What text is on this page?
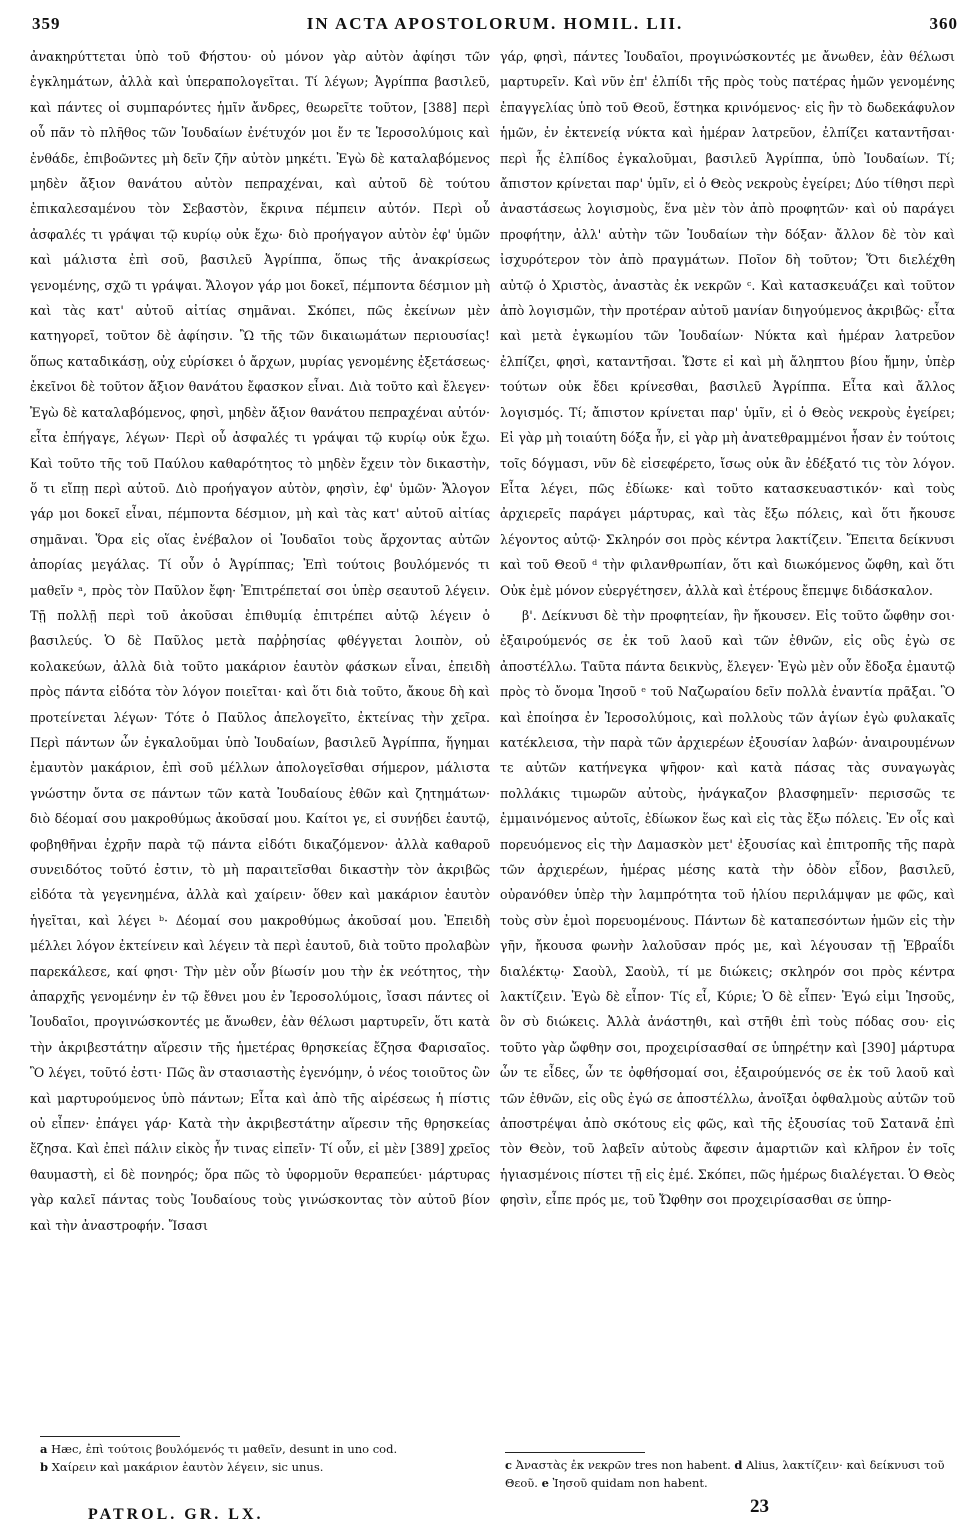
359	IN ACTA APOSTOLORUM. HOMIL. LII.	360

ἀνακηρύττεται ὑπὸ τοῦ Φήστου· οὐ μόνον γὰρ αὐτὸν ἀφίησι τῶν ἐγκλημάτων, ἀλλὰ καὶ ὑπεραπολογεῖται. Τί λέγων; Ἀγρίππα βασιλεῦ, καὶ πάντες οἱ συμπαρόντες ἡμῖν ἄνδρες, θεωρεῖτε τοῦτον, [388] περὶ οὗ πᾶν τὸ πλῆθος τῶν Ἰουδαίων ἐνέτυχόν μοι ἔν τε Ἱεροσολύμοις καὶ ἐνθάδε, ἐπιβοῶντες μὴ δεῖν ζῆν αὐτὸν μηκέτι. Ἐγὼ δὲ καταλαβόμενος μηδὲν ἄξιον θανάτου αὐτὸν πεπραχέναι, καὶ αὐτοῦ δὲ τούτου ἐπικαλεσαμένου τὸν Σεβαστὸν, ἔκρινα πέμπειν αὐτόν. Περὶ οὗ ἀσφαλές τι γράψαι τῷ κυρίῳ οὐκ ἔχω· διὸ προήγαγον αὐτὸν ἐφ' ὑμῶν καὶ μάλιστα ἐπὶ σοῦ, βασιλεῦ Ἀγρίππα, ὅπως τῆς ἀνακρίσεως γενομένης, σχῶ τι γράψαι. Ἄλογον γάρ μοι δοκεῖ, πέμποντα δέσμιον μὴ καὶ τὰς κατ' αὐτοῦ αἰτίας σημᾶναι. Σκόπει, πῶς ἐκείνων μὲν κατηγορεῖ, τοῦτον δὲ ἀφίησιν. Ὢ τῆς τῶν δικαιωμάτων περιουσίας! ὅπως καταδικάσῃ, οὐχ εὑρίσκει ὁ ἄρχων, μυρίας γενομένης ἐξετάσεως· ἐκεῖνοι δὲ τοῦτον ἄξιον θανάτου ἔφασκον εἶναι. Διὰ τοῦτο καὶ ἔλεγεν· Ἐγὼ δὲ καταλαβόμενος, φησὶ, μηδὲν ἄξιον θανάτου πεπραχέναι αὐτόν· εἶτα ἐπήγαγε, λέγων· Περὶ οὗ ἀσφαλές τι γράψαι τῷ κυρίῳ οὐκ ἔχω. Καὶ τοῦτο τῆς τοῦ Παύλου καθαρότητος τὸ μηδὲν ἔχειν τὸν δικαστὴν, ὅ τι εἴπῃ περὶ αὐτοῦ. Διὸ προήγαγον αὐτὸν, φησὶν, ἐφ' ὑμῶν· Ἄλογον γάρ μοι δοκεῖ εἶναι, πέμποντα δέσμιον, μὴ καὶ τὰς κατ' αὐτοῦ αἰτίας σημᾶναι. Ὅρα εἰς οἵας ἐνέβαλον οἱ Ἰουδαῖοι τοὺς ἄρχοντας αὐτῶν ἀπορίας μεγάλας. Τί οὖν ὁ Ἀγρίππας; Ἐπὶ τούτοις βουλόμενός τι μαθεῖν ᵃ, πρὸς τὸν Παῦλον ἔφη· Ἐπιτρέπεταί σοι ὑπὲρ σεαυτοῦ λέγειν. Τῇ πολλῇ περὶ τοῦ ἀκοῦσαι ἐπιθυμίᾳ ἐπιτρέπει αὐτῷ λέγειν ὁ βασιλεύς. Ὁ δὲ Παῦλος μετὰ παῤῥησίας φθέγγεται λοιπὸν, οὐ κολακεύων, ἀλλὰ διὰ τοῦτο μακάριον ἑαυτὸν φάσκων εἶναι, ἐπειδὴ πρὸς πάντα εἰδότα τὸν λόγον ποιεῖται· καὶ ὅτι διὰ τοῦτο, ἄκουε δὴ καὶ προτείνεται λέγων· Τότε ὁ Παῦλος ἀπελογεῖτο, ἐκτείνας τὴν χεῖρα. Περὶ πάντων ὧν ἐγκαλοῦμαι ὑπὸ Ἰουδαίων, βασιλεῦ Ἀγρίππα, ἥγημαι ἐμαυτὸν μακάριον, ἐπὶ σοῦ μέλλων ἀπολογεῖσθαι σήμερον, μάλιστα γνώστην ὄντα σε πάντων τῶν κατὰ Ἰουδαίους ἐθῶν καὶ ζητημάτων· διὸ δέομαί σου μακροθύμως ἀκοῦσαί μου. Καίτοι γε, εἰ συνῄδει ἑαυτῷ, φοβηθῆναι ἐχρῆν παρὰ τῷ πάντα εἰδότι δικαζόμενον· ἀλλὰ καθαροῦ συνειδότος τοῦτό ἐστιν, τὸ μὴ παραιτεῖσθαι δικαστὴν τὸν ἀκριβῶς εἰδότα τὰ γεγενημένα, ἀλλὰ καὶ χαίρειν· ὅθεν καὶ μακάριον ἑαυτὸν ἡγεῖται, καὶ λέγει ᵇ· Δέομαί σου μακροθύμως ἀκοῦσαί μου. Ἐπειδὴ μέλλει λόγον ἐκτείνειν καὶ λέγειν τὰ περὶ ἑαυτοῦ, διὰ τοῦτο προλαβὼν παρεκάλεσε, καί φησι· Τὴν μὲν οὖν βίωσίν μου τὴν ἐκ νεότητος, τὴν ἀπαρχῆς γενομένην ἐν τῷ ἔθνει μου ἐν Ἱεροσολύμοις, ἴσασι πάντες οἱ Ἰουδαῖοι, προγινώσκοντές με ἄνωθεν, ἐὰν θέλωσι μαρτυρεῖν, ὅτι κατὰ τὴν ἀκριβεστάτην αἵρεσιν τῆς ἡμετέρας θρησκείας ἔζησα Φαρισαῖος. Ὃ λέγει, τοῦτό ἐστι· Πῶς ἂν στασιαστὴς ἐγενόμην, ὁ νέος τοιοῦτος ὢν καὶ μαρτυρούμενος ὑπὸ πάντων; Εἶτα καὶ ἀπὸ τῆς αἱρέσεως ἡ πίστις οὐ εἶπεν· ἐπάγει γάρ· Κατὰ τὴν ἀκριβεστάτην αἵρεσιν τῆς θρησκείας ἔζησα. Καὶ ἐπεὶ πάλιν εἰκὸς ἦν τινας εἰπεῖν· Τί οὖν, εἰ μὲν [389] χρεῖος θαυμαστὴ, εἰ δὲ πονηρός; ὅρα πῶς τὸ ὑφορμοῦν θεραπεύει· μάρτυρας γὰρ καλεῖ πάντας τοὺς Ἰουδαίους τοὺς γινώσκοντας τὸν αὐτοῦ βίον καὶ τὴν ἀναστροφήν. Ἴσασι

γάρ, φησὶ, πάντες Ἰουδαῖοι, προγινώσκοντές με ἄνωθεν, ἐὰν θέλωσι μαρτυρεῖν. Καὶ νῦν ἐπ' ἐλπίδι τῆς πρὸς τοὺς πατέρας ἡμῶν γενομένης ἐπαγγελίας ὑπὸ τοῦ Θεοῦ, ἕστηκα κρινόμενος· εἰς ἣν τὸ δωδεκάφυλον ἡμῶν, ἐν ἐκτενείᾳ νύκτα καὶ ἡμέραν λατρεῦον, ἐλπίζει καταντῆσαι· περὶ ἧς ἐλπίδος ἐγκαλοῦμαι, βασιλεῦ Ἀγρίππα, ὑπὸ Ἰουδαίων. Τί; ἄπιστον κρίνεται παρ' ὑμῖν, εἰ ὁ Θεὸς νεκροὺς ἐγείρει; Δύο τίθησι περὶ ἀναστάσεως λογισμοὺς, ἕνα μὲν τὸν ἀπὸ προφητῶν· καὶ οὐ παράγει προφήτην, ἀλλ' αὐτὴν τῶν Ἰουδαίων τὴν δόξαν· ἄλλον δὲ τὸν καὶ ἰσχυρότερον τὸν ἀπὸ πραγμάτων. Ποῖον δὴ τοῦτον; Ὅτι διελέχθη αὐτῷ ὁ Χριστὸς, ἀναστὰς ἐκ νεκρῶν ᶜ. Καὶ κατασκευάζει καὶ τοῦτον ἀπὸ λογισμῶν, τὴν προτέραν αὐτοῦ μανίαν διηγούμενος ἀκριβῶς· εἶτα καὶ μετὰ ἐγκωμίου τῶν Ἰουδαίων· Νύκτα καὶ ἡμέραν λατρεῦον ἐλπίζει, φησὶ, καταντῆσαι. Ὥστε εἰ καὶ μὴ ἄληπτου βίου ἤμην, ὑπὲρ τούτων οὐκ ἔδει κρίνεσθαι, βασιλεῦ Ἀγρίππα. Εἶτα καὶ ἄλλος λογισμός. Τί; ἄπιστον κρίνεται παρ' ὑμῖν, εἰ ὁ Θεὸς νεκροὺς ἐγείρει; Εἰ γὰρ μὴ τοιαύτη δόξα ἦν, εἰ γὰρ μὴ ἀνατεθραμμένοι ἦσαν ἐν τούτοις τοῖς δόγμασι, νῦν δὲ εἰσεφέρετο, ἴσως οὐκ ἂν ἐδέξατό τις τὸν λόγον. Εἶτα λέγει, πῶς ἐδίωκε· καὶ τοῦτο κατασκευαστικόν· καὶ τοὺς ἀρχιερεῖς παράγει μάρτυρας, καὶ τὰς ἔξω πόλεις, καὶ ὅτι ἤκουσε λέγοντος αὐτῷ· Σκληρόν σοι πρὸς κέντρα λακτίζειν. Ἔπειτα δείκνυσι καὶ τοῦ Θεοῦ ᵈ τὴν φιλανθρωπίαν, ὅτι καὶ διωκόμενος ὤφθη, καὶ ὅτι Οὐκ ἐμὲ μόνον εὐεργέτησεν, ἀλλὰ καὶ ἑτέρους ἔπεμψε διδάσκαλον.

β'. Δείκνυσι δὲ τὴν προφητείαν, ἣν ἤκουσεν. Εἰς τοῦτο ὤφθην σοι· ἐξαιρούμενός σε ἐκ τοῦ λαοῦ καὶ τῶν ἐθνῶν, εἰς οὓς ἐγὼ σε ἀποστέλλω. Ταῦτα πάντα δεικνὺς, ἔλεγεν· Ἐγὼ μὲν οὖν ἔδοξα ἐμαυτῷ πρὸς τὸ ὄνομα Ἰησοῦ ᵉ τοῦ Ναζωραίου δεῖν πολλὰ ἐναντία πρᾶξαι. Ὃ καὶ ἐποίησα ἐν Ἱεροσολύμοις, καὶ πολλοὺς τῶν ἁγίων ἐγὼ φυλακαῖς κατέκλεισα, τὴν παρὰ τῶν ἀρχιερέων ἐξουσίαν λαβών· ἀναιρουμένων τε αὐτῶν κατήνεγκα ψῆφον· καὶ κατὰ πάσας τὰς συναγωγὰς πολλάκις τιμωρῶν αὐτοὺς, ἠνάγκαζον βλασφημεῖν· περισσῶς τε ἐμμαινόμενος αὐτοῖς, ἐδίωκον ἕως καὶ εἰς τὰς ἔξω πόλεις. Ἐν οἷς καὶ πορευόμενος εἰς τὴν Δαμασκὸν μετ' ἐξουσίας καὶ ἐπιτροπῆς τῆς παρὰ τῶν ἀρχιερέων, ἡμέρας μέσης κατὰ τὴν ὁδὸν εἶδον, βασιλεῦ, οὐρανόθεν ὑπὲρ τὴν λαμπρότητα τοῦ ἡλίου περιλάμψαν με φῶς, καὶ τοὺς σὺν ἐμοὶ πορευομένους. Πάντων δὲ καταπεσόντων ἡμῶν εἰς τὴν γῆν, ἤκουσα φωνὴν λαλοῦσαν πρός με, καὶ λέγουσαν τῇ Ἑβραΐδι διαλέκτῳ· Σαοὺλ, Σαοὺλ, τί με διώκεις; σκληρόν σοι πρὸς κέντρα λακτίζειν. Ἐγὼ δὲ εἶπον· Τίς εἶ, Κύριε; Ὁ δὲ εἶπεν· Ἐγώ εἰμι Ἰησοῦς, ὃν σὺ διώκεις. Ἀλλὰ ἀνάστηθι, καὶ στῆθι ἐπὶ τοὺς πόδας σου· εἰς τοῦτο γὰρ ὤφθην σοι, προχειρίσασθαί σε ὑπηρέτην καὶ [390] μάρτυρα ὧν τε εἶδες, ὧν τε ὀφθήσομαί σοι, ἐξαιρούμενός σε ἐκ τοῦ λαοῦ καὶ τῶν ἐθνῶν, εἰς οὓς ἐγώ σε ἀποστέλλω, ἀνοῖξαι ὀφθαλμοὺς αὐτῶν τοῦ ἀποστρέψαι ἀπὸ σκότους εἰς φῶς, καὶ τῆς ἐξουσίας τοῦ Σατανᾶ ἐπὶ τὸν Θεὸν, τοῦ λαβεῖν αὐτοὺς ἄφεσιν ἁμαρτιῶν καὶ κλῆρον ἐν τοῖς ἡγιασμένοις πίστει τῇ εἰς ἐμέ. Σκόπει, πῶς ἡμέρως διαλέγεται. Ὁ Θεὸς φησὶν, εἶπε πρός με, τοῦ Ὤφθην σοι προχειρίσασθαι σε ὑπηρ-

a Hæc, ἐπὶ τούτοις βουλόμενός τι μαθεῖν, desunt in uno cod.

b Χαίρειν καὶ μακάριον ἑαυτὸν λέγειν, sic unus.	c Ἀναστὰς ἐκ νεκρῶν tres non habent. d Alius, λακτίζειν· καὶ δείκνυσι τοῦ Θεοῦ. e Ἰησοῦ quidam non habent.

PATROL. GR. LX.	23
